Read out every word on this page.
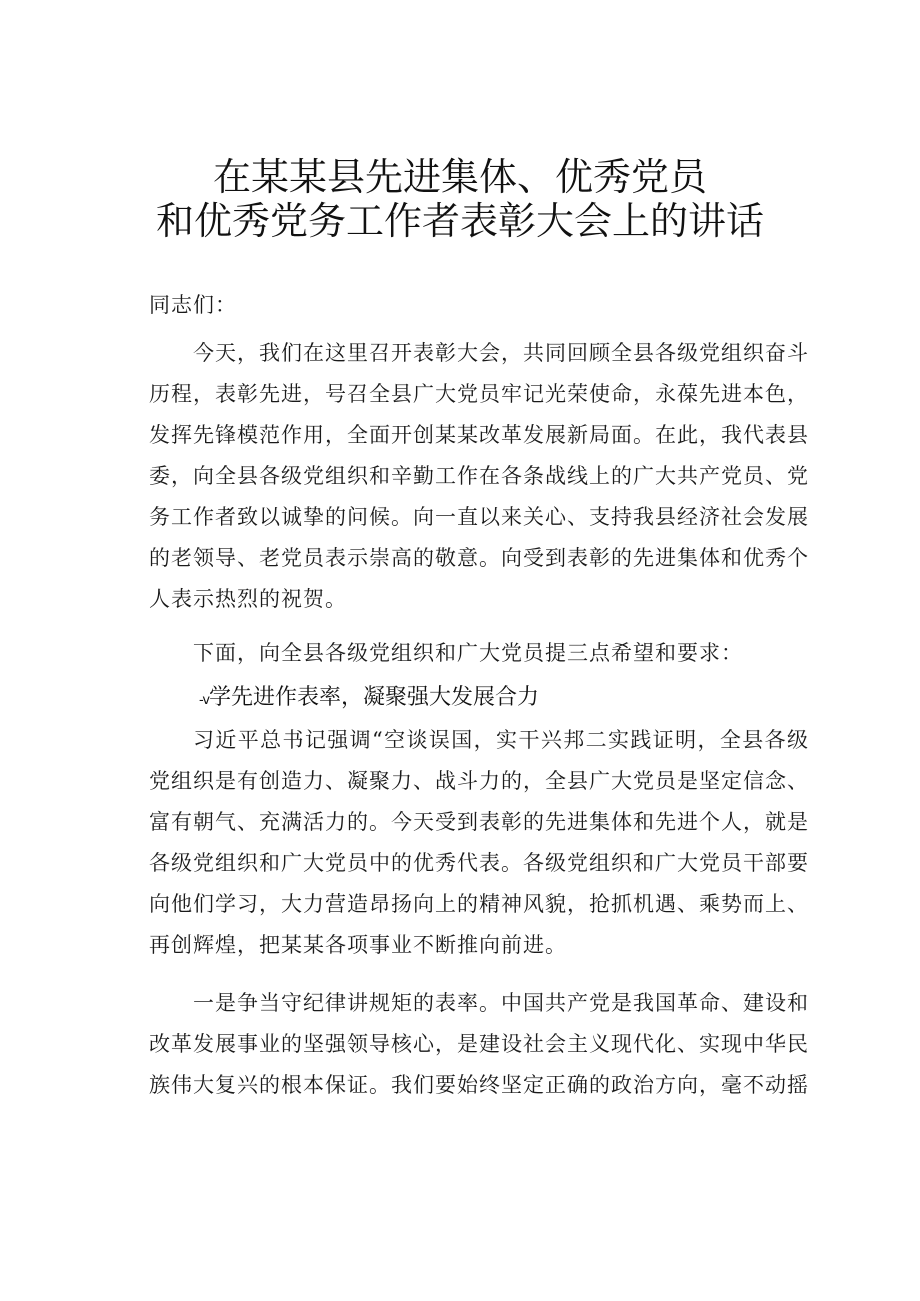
在某某县先进集体、优秀党员
和优秀党务工作者表彰大会上的讲话
同志们：
今天，我们在这里召开表彰大会，共同回顾全县各级党组织奋斗历程，表彰先进，号召全县广大党员牢记光荣使命，永葆先进本色，发挥先锋模范作用，全面开创某某改革发展新局面。在此，我代表县委，向全县各级党组织和辛勤工作在各条战线上的广大共产党员、党务工作者致以诚挚的问候。向一直以来关心、支持我县经济社会发展的老领导、老党员表示崇高的敬意。向受到表彰的先进集体和优秀个人表示热烈的祝贺。
下面，向全县各级党组织和广大党员提三点希望和要求：
-v学先进作表率，凝聚强大发展合力
习近平总书记强调“空谈误国，实干兴邦二实践证明，全县各级党组织是有创造力、凝聚力、战斗力的，全县广大党员是坚定信念、富有朝气、充满活力的。今天受到表彰的先进集体和先进个人，就是各级党组织和广大党员中的优秀代表。各级党组织和广大党员干部要向他们学习，大力营造昂扬向上的精神风貌，抢抓机遇、乘势而上、再创辉煌，把某某各项事业不断推向前进。
一是争当守纪律讲规矩的表率。中国共产党是我国革命、建设和改革发展事业的坚强领导核心，是建设社会主义现代化、实现中华民族伟大复兴的根本保证。我们要始终坚定正确的政治方向，毫不动摇
